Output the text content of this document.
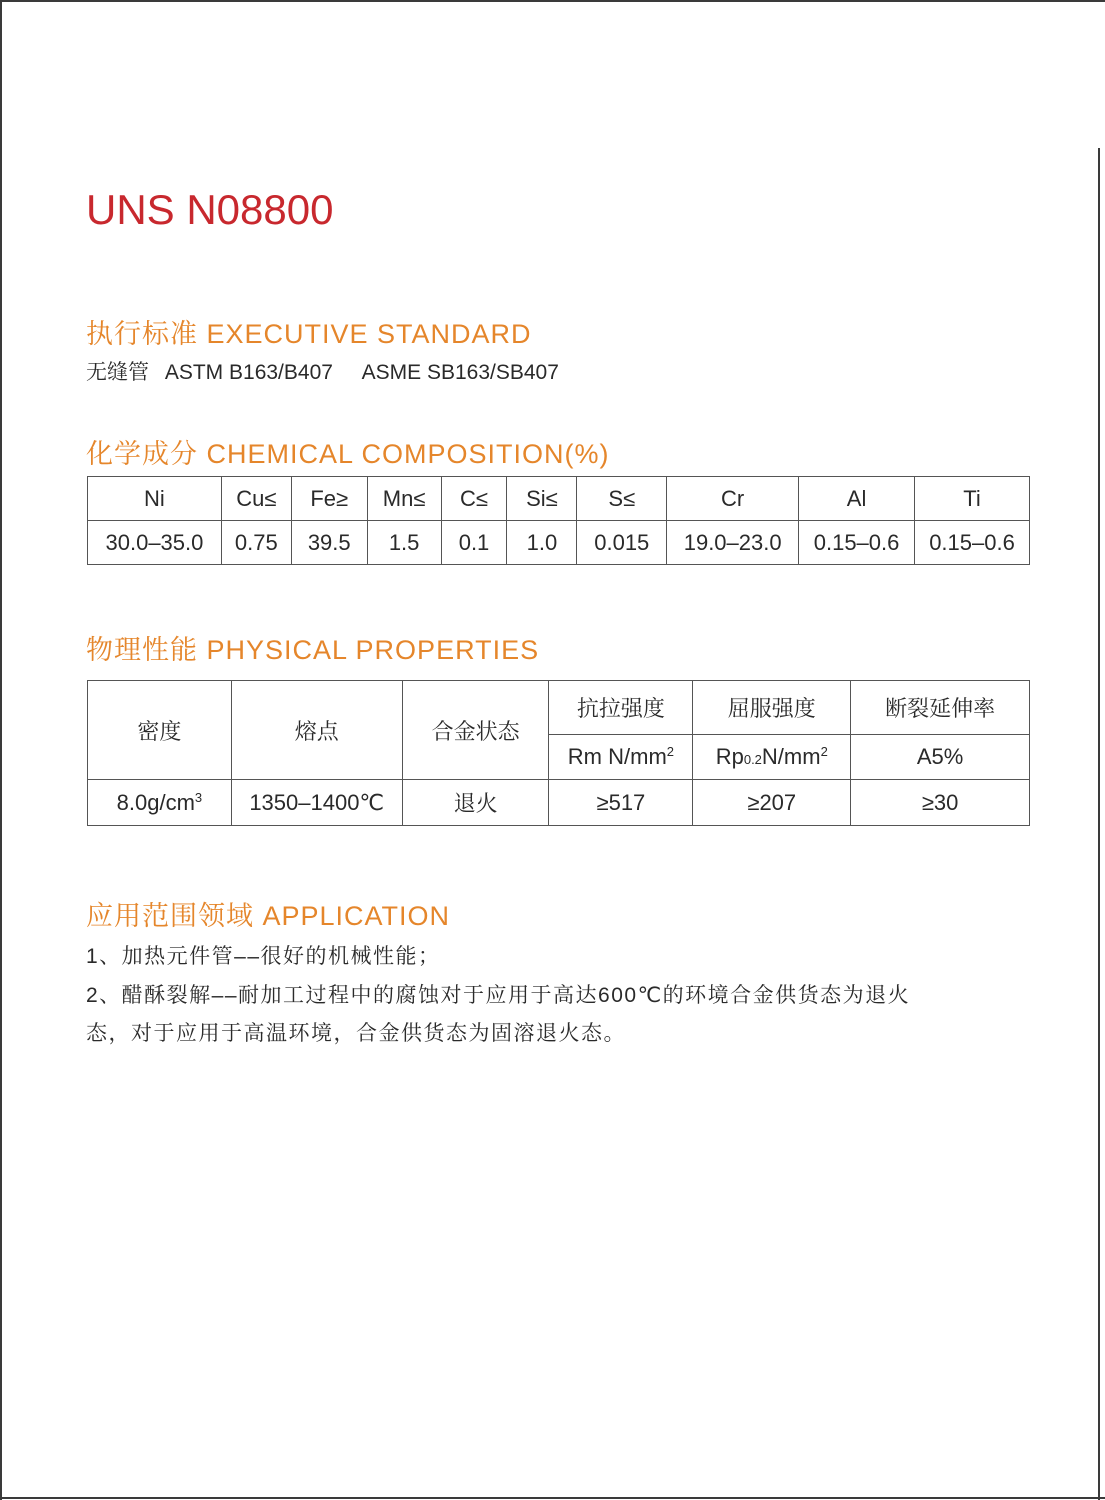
UNS N08800
执行标准 EXECUTIVE STANDARD
无缝管 ASTM B163/B407 ASME SB163/SB407
化学成分 CHEMICAL COMPOSITION(%)
Ni	Cu≤	Fe≥	Mn≤	C≤	Si≤	S≤	Cr	Al	Ti
30.0–35.0	0.75	39.5	1.5	0.1	1.0	0.015	19.0–23.0	0.15–0.6	0.15–0.6
物理性能 PHYSICAL PROPERTIES
密度	熔点	合金状态	抗拉强度	屈服强度	断裂延伸率
			Rm $N/mm^2$	$Rp0.2N/mm^2$	A5%
$8.0g/cm^3$	1350–1400℃	退火	≥517	≥207	≥30
应用范围领域 APPLICATION
1、加热元件管––很好的机械性能；
2、醋酥裂解––耐加工过程中的腐蚀对于应用于高达600℃的环境合金供货态为退火
态，对于应用于高温环境，合金供货态为固溶退火态。
